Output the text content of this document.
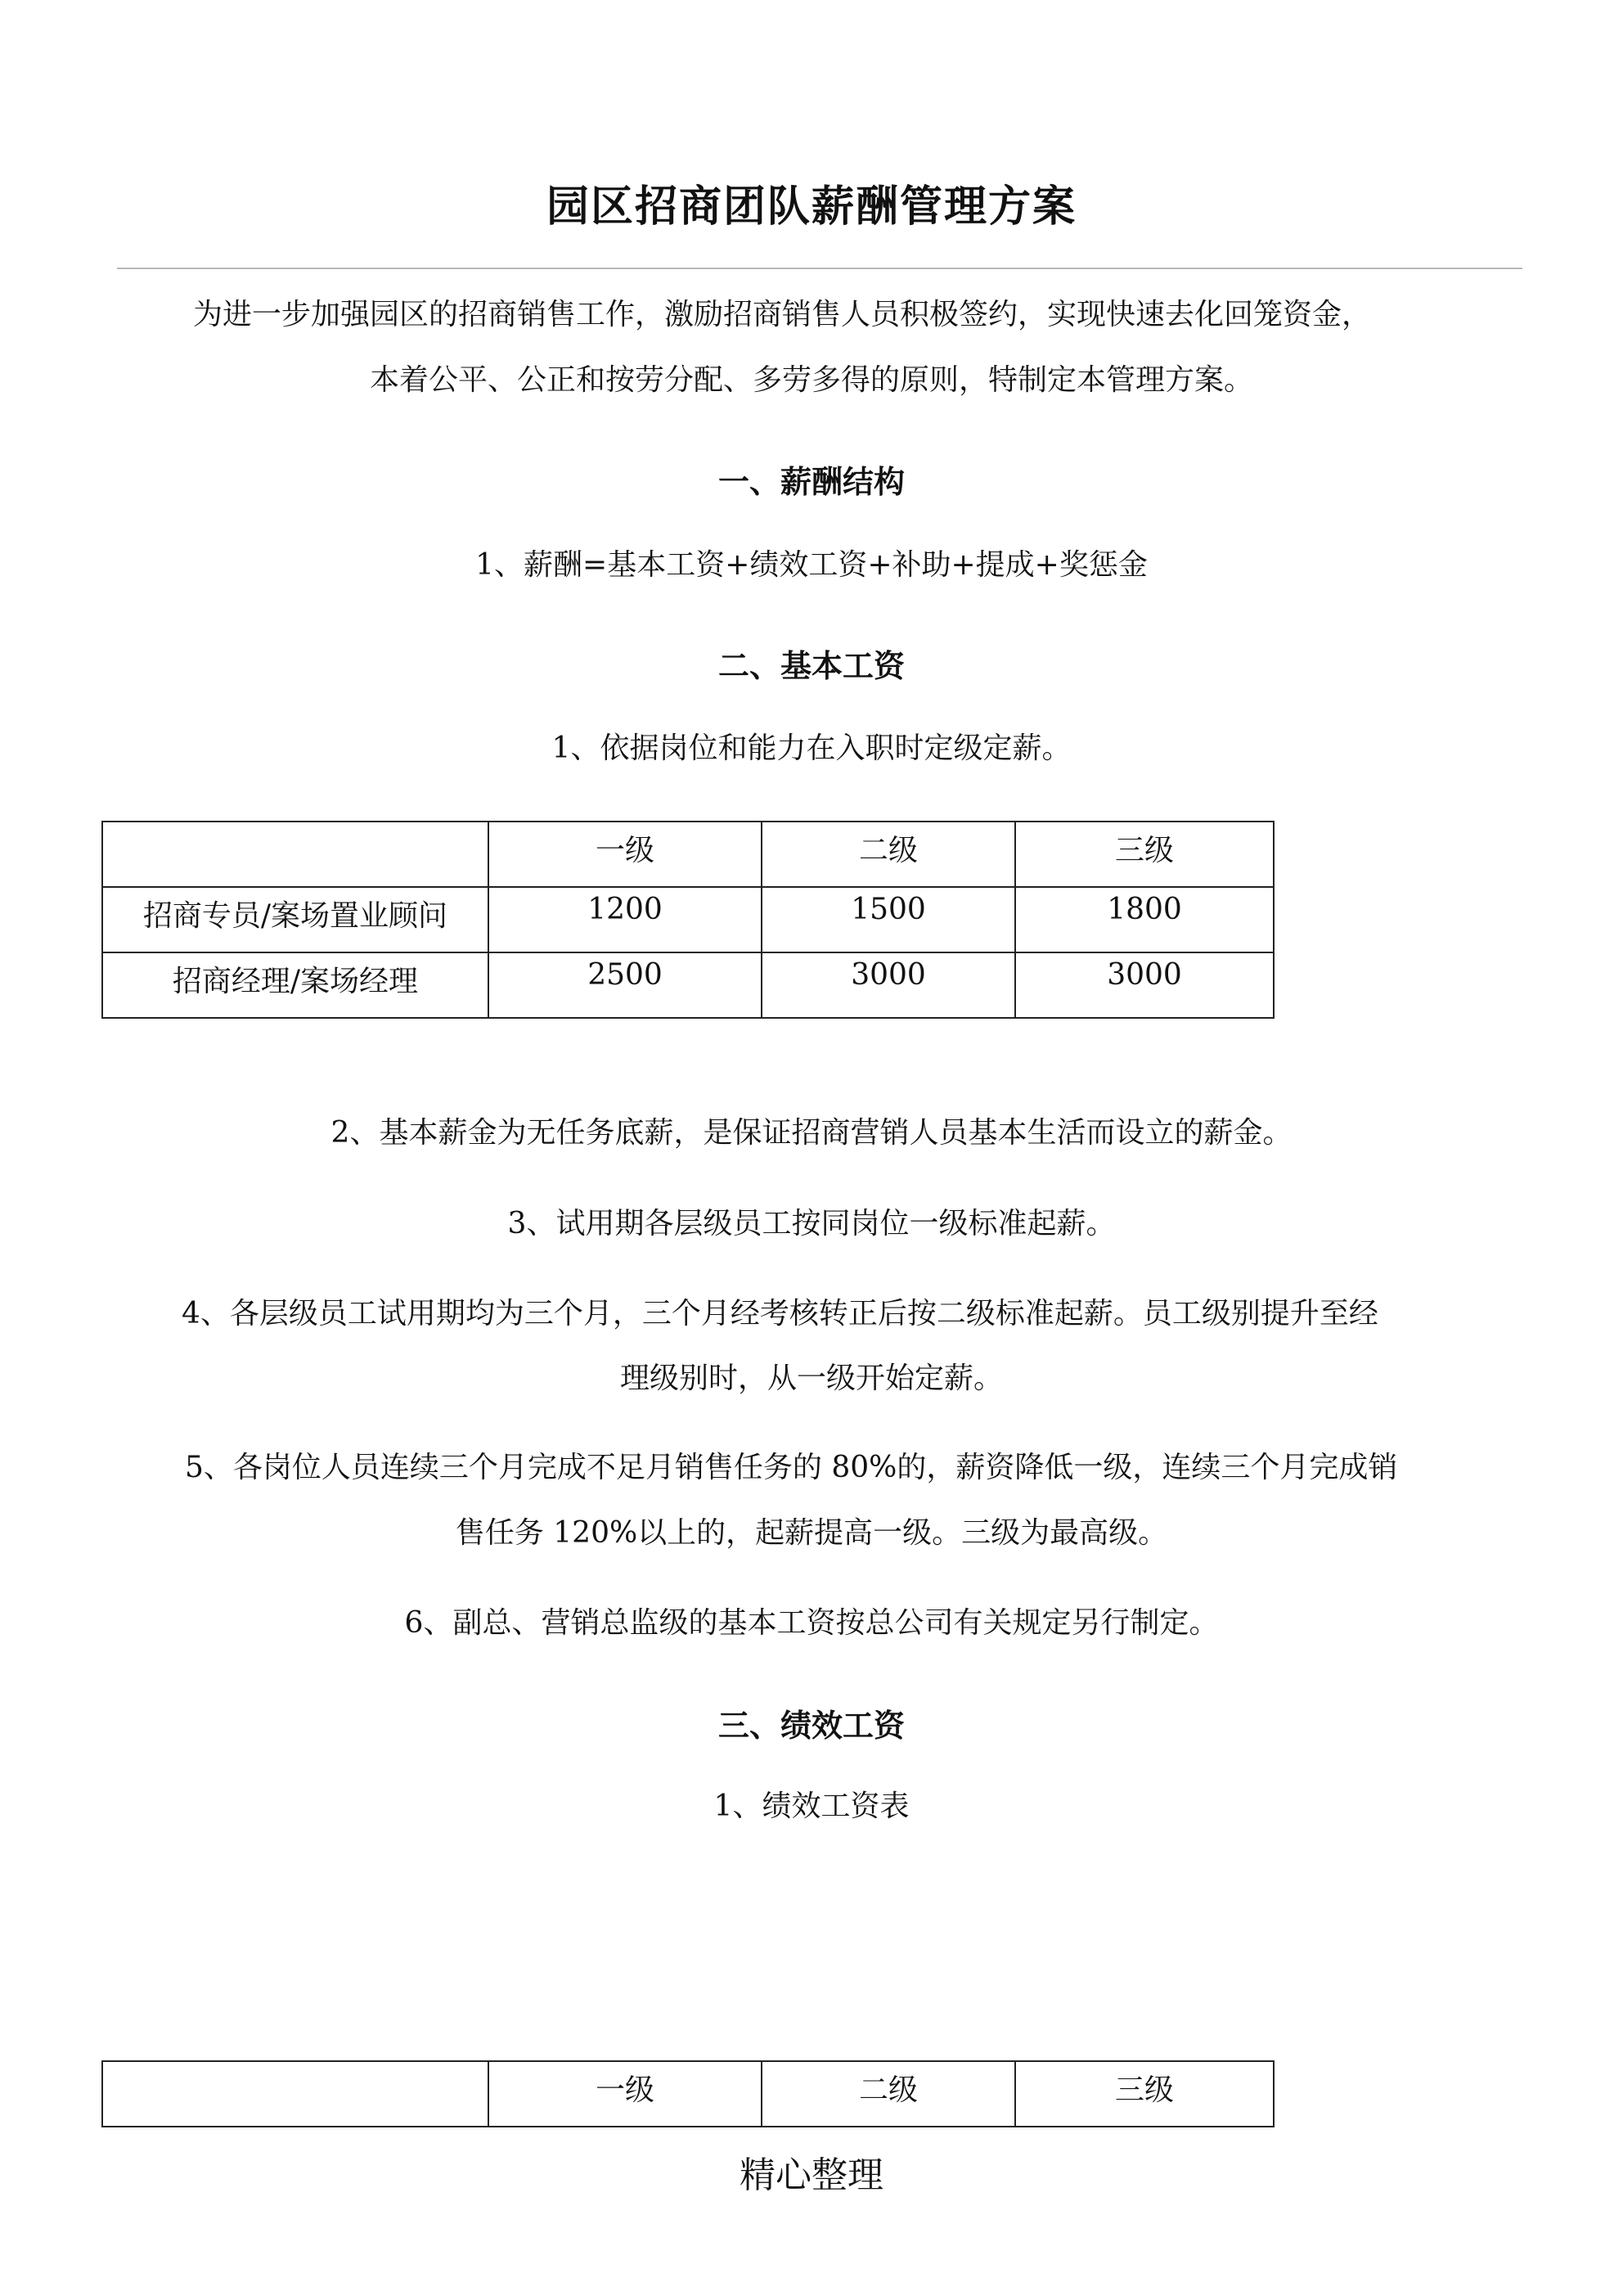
园区招商团队薪酬管理方案
为进一步加强园区的招商销售工作，激励招商销售人员积极签约，实现快速去化回笼资金，
本着公平、公正和按劳分配、多劳多得的原则，特制定本管理方案。
一、薪酬结构
1、薪酬=基本工资+绩效工资+补助+提成+奖惩金
二、基本工资
1、依据岗位和能力在入职时定级定薪。
	一级	二级	三级
招商专员/案场置业顾问	1200	1500	1800
招商经理/案场经理	2500	3000	3000
2、基本薪金为无任务底薪，是保证招商营销人员基本生活而设立的薪金。
3、试用期各层级员工按同岗位一级标准起薪。
4、各层级员工试用期均为三个月，三个月经考核转正后按二级标准起薪。员工级别提升至经
理级别时，从一级开始定薪。
5、各岗位人员连续三个月完成不足月销售任务的 80%的，薪资降低一级，连续三个月完成销
售任务 120%以上的，起薪提高一级。三级为最高级。
6、副总、营销总监级的基本工资按总公司有关规定另行制定。
三、绩效工资
1、绩效工资表
	一级	二级	三级
精心整理
